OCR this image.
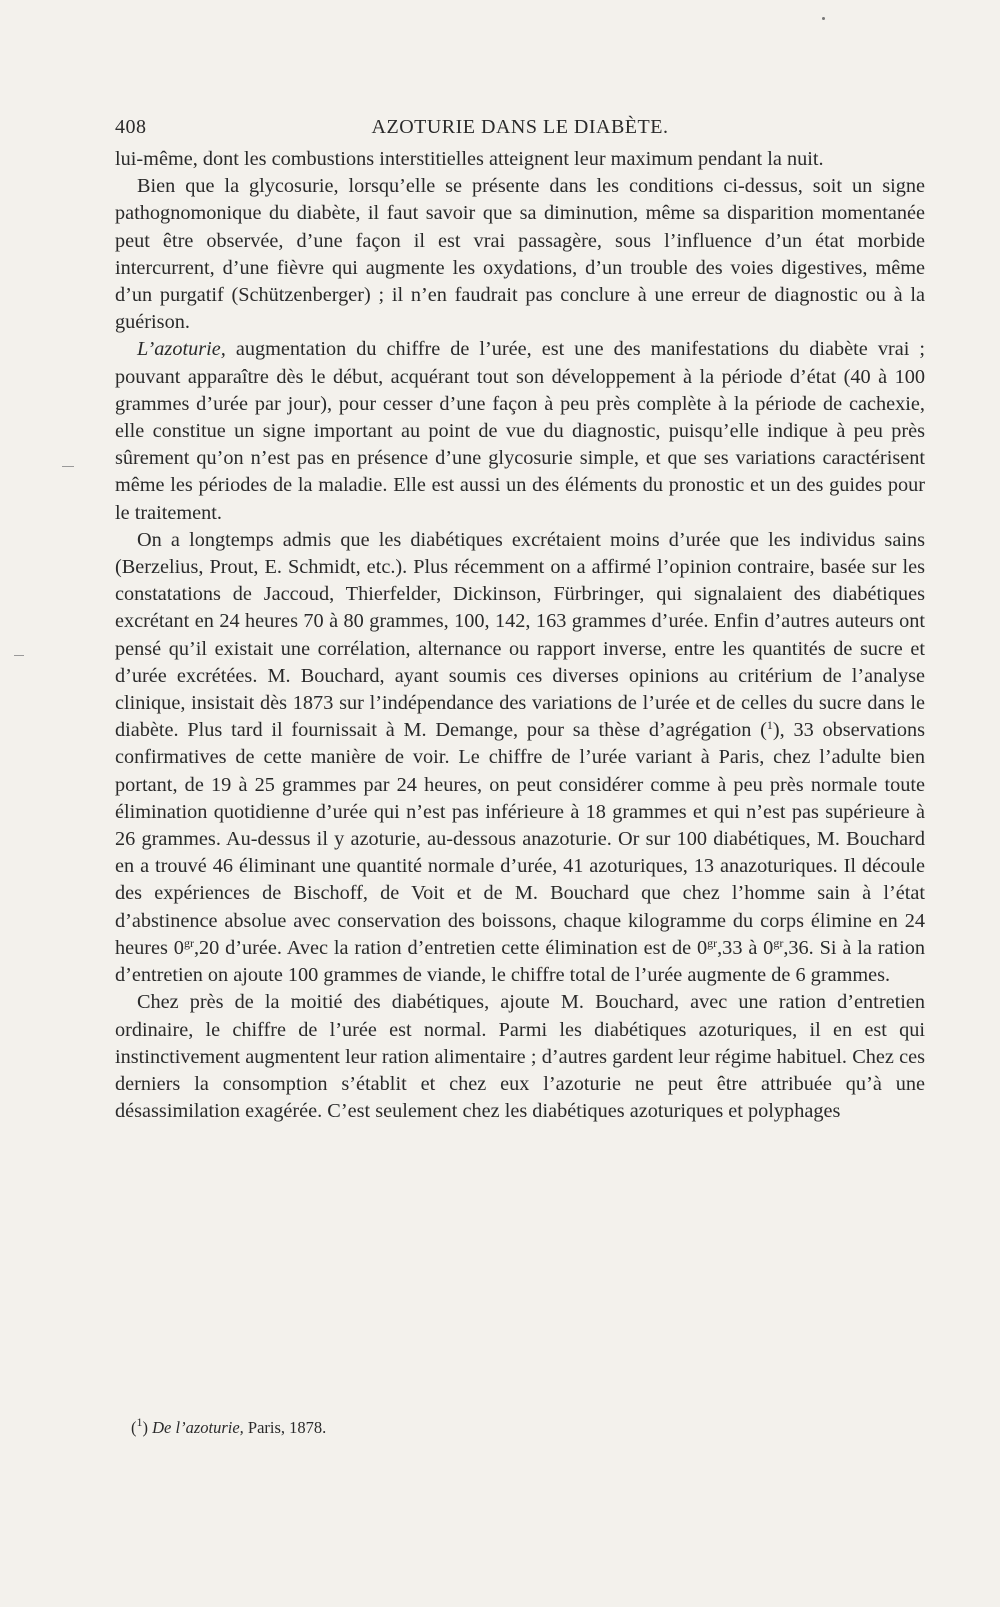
408	AZOTURIE DANS LE DIABÈTE.

lui-même, dont les combustions interstitielles atteignent leur maximum pendant la nuit.

Bien que la glycosurie, lorsqu’elle se présente dans les conditions ci-dessus, soit un signe pathognomonique du diabète, il faut savoir que sa diminution, même sa disparition momentanée peut être observée, d’une façon il est vrai passagère, sous l’influence d’un état morbide intercurrent, d’une fièvre qui augmente les oxydations, d’un trouble des voies digestives, même d’un purgatif (Schützenberger) ; il n’en faudrait pas conclure à une erreur de diagnostic ou à la guérison.

L’azoturie, augmentation du chiffre de l’urée, est une des manifestations du diabète vrai ; pouvant apparaître dès le début, acquérant tout son développement à la période d’état (40 à 100 grammes d’urée par jour), pour cesser d’une façon à peu près complète à la période de cachexie, elle constitue un signe important au point de vue du diagnostic, puisqu’elle indique à peu près sûrement qu’on n’est pas en présence d’une glycosurie simple, et que ses variations caractérisent même les périodes de la maladie. Elle est aussi un des éléments du pronostic et un des guides pour le traitement.

On a longtemps admis que les diabétiques excrétaient moins d’urée que les individus sains (Berzelius, Prout, E. Schmidt, etc.). Plus récemment on a affirmé l’opinion contraire, basée sur les constatations de Jaccoud, Thierfelder, Dickinson, Fürbringer, qui signalaient des diabétiques excrétant en 24 heures 70 à 80 grammes, 100, 142, 163 grammes d’urée. Enfin d’autres auteurs ont pensé qu’il existait une corrélation, alternance ou rapport inverse, entre les quantités de sucre et d’urée excrétées. M. Bouchard, ayant soumis ces diverses opinions au critérium de l’analyse clinique, insistait dès 1873 sur l’indépendance des variations de l’urée et de celles du sucre dans le diabète. Plus tard il fournissait à M. Demange, pour sa thèse d’agrégation ($^1$), 33 observations confirmatives de cette manière de voir. Le chiffre de l’urée variant à Paris, chez l’adulte bien portant, de 19 à 25 grammes par 24 heures, on peut considérer comme à peu près normale toute élimination quotidienne d’urée qui n’est pas inférieure à 18 grammes et qui n’est pas supérieure à 26 grammes. Au-dessus il y azoturie, au-dessous anazoturie. Or sur 100 diabétiques, M. Bouchard en a trouvé 46 éliminant une quantité normale d’urée, 41 azoturiques, 13 anazoturiques. Il découle des expériences de Bischoff, de Voit et de M. Bouchard que chez l’homme sain à l’état d’abstinence absolue avec conservation des boissons, chaque kilogramme du corps élimine en 24 heures $0^{gr},20$ d’urée. Avec la ration d’entretien cette élimination est de $0^{gr},33$ à $0^{gr},36$. Si à la ration d’entretien on ajoute 100 grammes de viande, le chiffre total de l’urée augmente de 6 grammes.

Chez près de la moitié des diabétiques, ajoute M. Bouchard, avec une ration d’entretien ordinaire, le chiffre de l’urée est normal. Parmi les diabétiques azoturiques, il en est qui instinctivement augmentent leur ration alimentaire ; d’autres gardent leur régime habituel. Chez ces derniers la consomption s’établit et chez eux l’azoturie ne peut être attribuée qu’à une désassimilation exagérée. C’est seulement chez les diabétiques azoturiques et polyphages

($^1$) De l’azoturie, Paris, 1878.
